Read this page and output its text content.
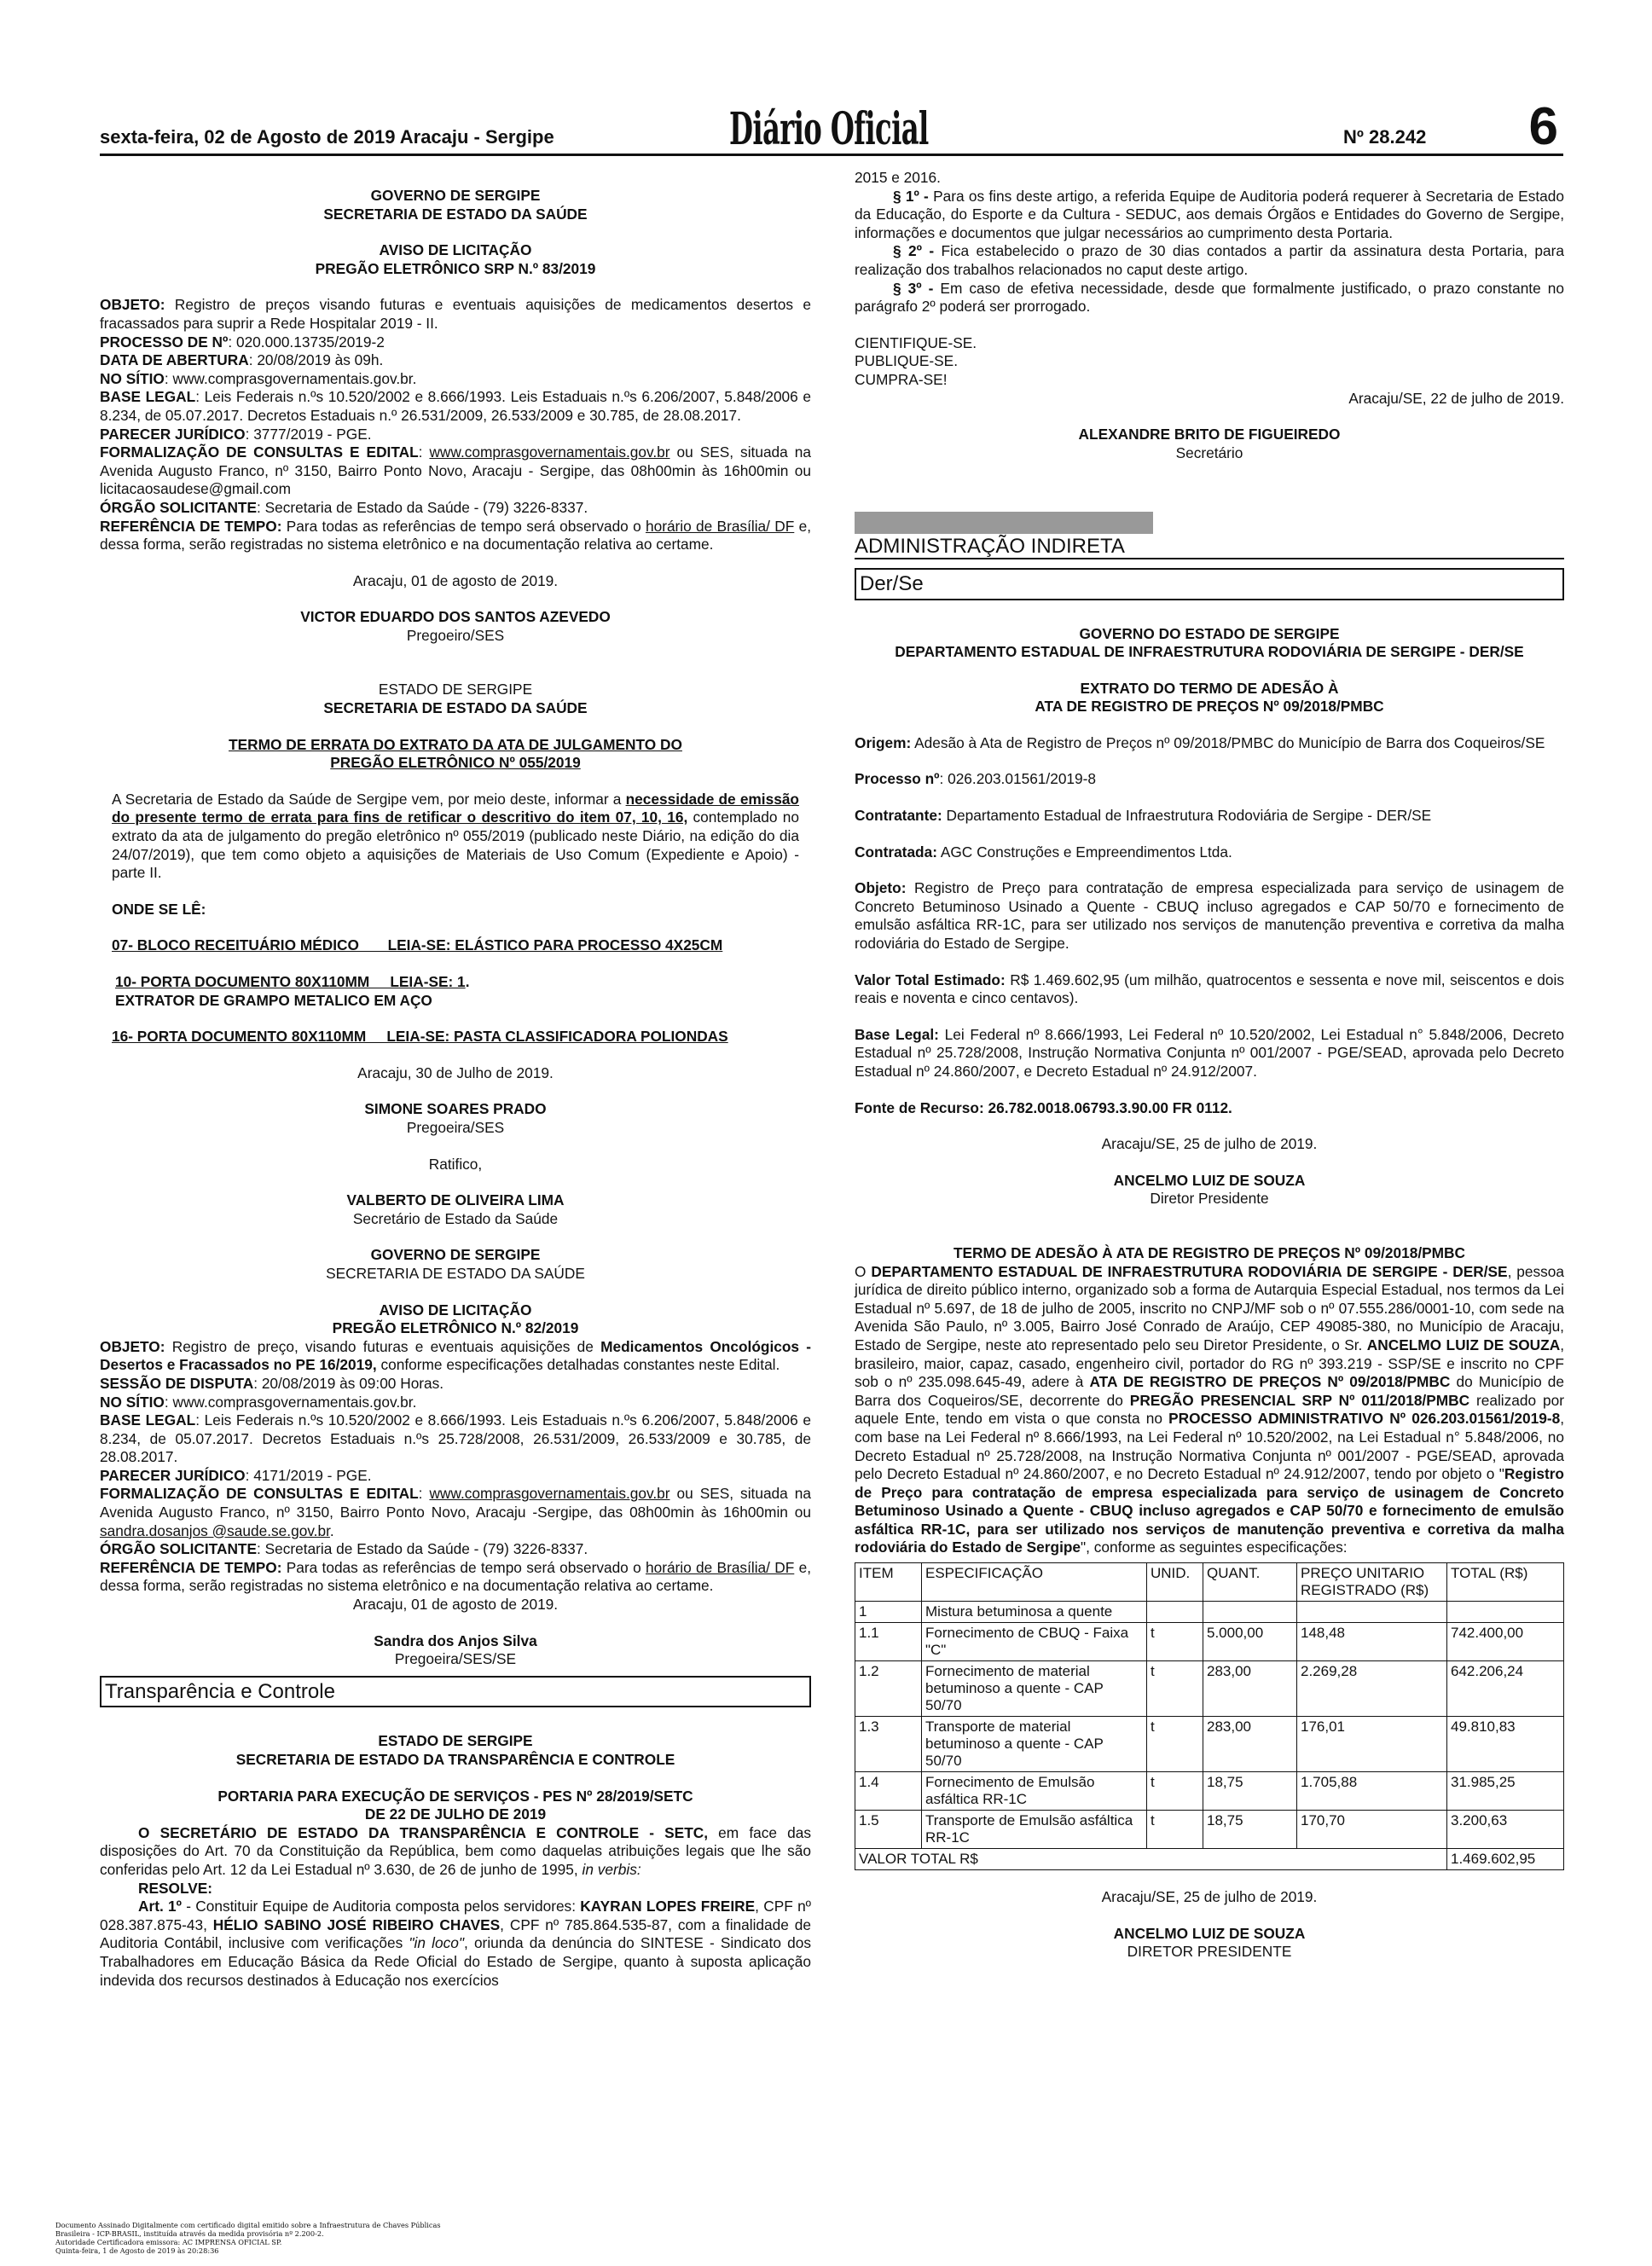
sexta-feira, 02 de Agosto de 2019 Aracaju - Sergipe	Diário Oficial	Nº 28.242 6

GOVERNO DE SERGIPE

SECRETARIA DE ESTADO DA SAÚDE

AVISO DE LICITAÇÃO

PREGÃO ELETRÔNICO SRP N.º 83/2019

OBJETO: Registro de preços visando futuras e eventuais aquisições de medicamentos desertos e fracassados para suprir a Rede Hospitalar 2019 - II.

PROCESSO DE Nº: 020.000.13735/2019-2

DATA DE ABERTURA: 20/08/2019 às 09h.

NO SÍTIO: www.comprasgovernamentais.gov.br.

BASE LEGAL: Leis Federais n.ºs 10.520/2002 e 8.666/1993. Leis Estaduais n.ºs 6.206/2007, 5.848/2006 e 8.234, de 05.07.2017. Decretos Estaduais n.º 26.531/2009, 26.533/2009 e 30.785, de 28.08.2017.

PARECER JURÍDICO: 3777/2019 - PGE.

FORMALIZAÇÃO DE CONSULTAS E EDITAL: www.comprasgovernamentais.gov.br ou SES, situada na Avenida Augusto Franco, nº 3150, Bairro Ponto Novo, Aracaju - Sergipe, das 08h00min às 16h00min ou licitacaosaudese@gmail.com

ÓRGÃO SOLICITANTE: Secretaria de Estado da Saúde - (79) 3226-8337.

REFERÊNCIA DE TEMPO: Para todas as referências de tempo será observado o horário de Brasília/ DF e, dessa forma, serão registradas no sistema eletrônico e na documentação relativa ao certame.

Aracaju, 01 de agosto de 2019.

VICTOR EDUARDO DOS SANTOS AZEVEDO

Pregoeiro/SES

ESTADO DE SERGIPE

SECRETARIA DE ESTADO DA SAÚDE

TERMO DE ERRATA DO EXTRATO DA ATA DE JULGAMENTO DO

PREGÃO ELETRÔNICO Nº 055/2019

A Secretaria de Estado da Saúde de Sergipe vem, por meio deste, informar a necessidade de emissão do presente termo de errata para fins de retificar o descritivo do item 07, 10, 16, contemplado no extrato da ata de julgamento do pregão eletrônico nº 055/2019 (publicado neste Diário, na edição do dia 24/07/2019), que tem como objeto a aquisições de Materiais de Uso Comum (Expediente e Apoio) - parte II.

ONDE SE LÊ:

07- BLOCO RECEITUÁRIO MÉDICO       LEIA-SE: ELÁSTICO PARA PROCESSO 4X25CM

10- PORTA DOCUMENTO 80X110MM     LEIA-SE: 1.

EXTRATOR DE GRAMPO METALICO EM AÇO

16- PORTA DOCUMENTO 80X110MM     LEIA-SE: PASTA CLASSIFICADORA POLIONDAS

Aracaju, 30 de Julho de 2019.

SIMONE SOARES PRADO

Pregoeira/SES

Ratifico,

VALBERTO DE OLIVEIRA LIMA

Secretário de Estado da Saúde

GOVERNO DE SERGIPE

SECRETARIA DE ESTADO DA SAÚDE

AVISO DE LICITAÇÃO

PREGÃO ELETRÔNICO N.º 82/2019

OBJETO: Registro de preço, visando futuras e eventuais aquisições de Medicamentos Oncológicos - Desertos e Fracassados no PE 16/2019, conforme especificações detalhadas constantes neste Edital.

SESSÃO DE DISPUTA: 20/08/2019 às 09:00 Horas.

NO SÍTIO: www.comprasgovernamentais.gov.br.

BASE LEGAL: Leis Federais n.ºs 10.520/2002 e 8.666/1993. Leis Estaduais n.ºs 6.206/2007, 5.848/2006 e 8.234, de 05.07.2017. Decretos Estaduais n.ºs 25.728/2008, 26.531/2009, 26.533/2009 e 30.785, de 28.08.2017.

PARECER JURÍDICO: 4171/2019 - PGE.

FORMALIZAÇÃO DE CONSULTAS E EDITAL: www.comprasgovernamentais.gov.br ou SES, situada na Avenida Augusto Franco, nº 3150, Bairro Ponto Novo, Aracaju -Sergipe, das 08h00min às 16h00min ou sandra.dosanjos @saude.se.gov.br.

ÓRGÃO SOLICITANTE: Secretaria de Estado da Saúde - (79) 3226-8337.

REFERÊNCIA DE TEMPO: Para todas as referências de tempo será observado o horário de Brasília/ DF e, dessa forma, serão registradas no sistema eletrônico e na documentação relativa ao certame.

Aracaju, 01 de agosto de 2019.

Sandra dos Anjos Silva

Pregoeira/SES/SE

Transparência e Controle

ESTADO DE SERGIPE

SECRETARIA DE ESTADO DA TRANSPARÊNCIA E CONTROLE

PORTARIA PARA EXECUÇÃO DE SERVIÇOS - PES Nº 28/2019/SETC

DE 22 DE JULHO DE 2019

O SECRETÁRIO DE ESTADO DA TRANSPARÊNCIA E CONTROLE - SETC, em face das disposições do Art. 70 da Constituição da República, bem como daquelas atribuições legais que lhe são conferidas pelo Art. 12 da Lei Estadual nº 3.630, de 26 de junho de 1995, in verbis:

RESOLVE:

Art. 1º - Constituir Equipe de Auditoria composta pelos servidores: KAYRAN LOPES FREIRE, CPF nº 028.387.875-43, HÉLIO SABINO JOSÉ RIBEIRO CHAVES, CPF nº 785.864.535-87, com a finalidade de Auditoria Contábil, inclusive com verificações "in loco", oriunda da denúncia do SINTESE - Sindicato dos Trabalhadores em Educação Básica da Rede Oficial do Estado de Sergipe, quanto à suposta aplicação indevida dos recursos destinados à Educação nos exercícios

2015 e 2016.

§ 1º - Para os fins deste artigo, a referida Equipe de Auditoria poderá requerer à Secretaria de Estado da Educação, do Esporte e da Cultura - SEDUC, aos demais Órgãos e Entidades do Governo de Sergipe, informações e documentos que julgar necessários ao cumprimento desta Portaria.

§ 2º - Fica estabelecido o prazo de 30 dias contados a partir da assinatura desta Portaria, para realização dos trabalhos relacionados no caput deste artigo.

§ 3º - Em caso de efetiva necessidade, desde que formalmente justificado, o prazo constante no parágrafo 2º poderá ser prorrogado.

CIENTIFIQUE-SE.

PUBLIQUE-SE.

CUMPRA-SE!

Aracaju/SE, 22 de julho de 2019.

ALEXANDRE BRITO DE FIGUEIREDO

Secretário

ADMINISTRAÇÃO INDIRETA
Der/Se

GOVERNO DO ESTADO DE SERGIPE

DEPARTAMENTO ESTADUAL DE INFRAESTRUTURA RODOVIÁRIA DE SERGIPE - DER/SE

EXTRATO DO TERMO DE ADESÃO À

ATA DE REGISTRO DE PREÇOS Nº 09/2018/PMBC

Origem: Adesão à Ata de Registro de Preços nº 09/2018/PMBC do Município de Barra dos Coqueiros/SE

Processo nº: 026.203.01561/2019-8

Contratante: Departamento Estadual de Infraestrutura Rodoviária de Sergipe - DER/SE

Contratada: AGC Construções e Empreendimentos Ltda.

Objeto: Registro de Preço para contratação de empresa especializada para serviço de usinagem de Concreto Betuminoso Usinado a Quente - CBUQ incluso agregados e CAP 50/70 e fornecimento de emulsão asfáltica RR-1C, para ser utilizado nos serviços de manutenção preventiva e corretiva da malha rodoviária do Estado de Sergipe.

Valor Total Estimado: R$ 1.469.602,95 (um milhão, quatrocentos e sessenta e nove mil, seiscentos e dois reais e noventa e cinco centavos).

Base Legal: Lei Federal nº 8.666/1993, Lei Federal nº 10.520/2002, Lei Estadual n° 5.848/2006, Decreto Estadual nº 25.728/2008, Instrução Normativa Conjunta nº 001/2007 - PGE/SEAD, aprovada pelo Decreto Estadual nº 24.860/2007, e Decreto Estadual nº 24.912/2007.

Fonte de Recurso: 26.782.0018.06793.3.90.00 FR 0112.

Aracaju/SE, 25 de julho de 2019.

ANCELMO LUIZ DE SOUZA

Diretor Presidente

TERMO DE ADESÃO À ATA DE REGISTRO DE PREÇOS Nº 09/2018/PMBC

O DEPARTAMENTO ESTADUAL DE INFRAESTRUTURA RODOVIÁRIA DE SERGIPE - DER/SE, pessoa jurídica de direito público interno, organizado sob a forma de Autarquia Especial Estadual, nos termos da Lei Estadual nº 5.697, de 18 de julho de 2005, inscrito no CNPJ/MF sob o nº 07.555.286/0001-10, com sede na Avenida São Paulo, nº 3.005, Bairro José Conrado de Araújo, CEP 49085-380, no Município de Aracaju, Estado de Sergipe, neste ato representado pelo seu Diretor Presidente, o Sr. ANCELMO LUIZ DE SOUZA, brasileiro, maior, capaz, casado, engenheiro civil, portador do RG nº 393.219 - SSP/SE e inscrito no CPF sob o nº 235.098.645-49, adere à ATA DE REGISTRO DE PREÇOS Nº 09/2018/PMBC do Município de Barra dos Coqueiros/SE, decorrente do PREGÃO PRESENCIAL SRP Nº 011/2018/PMBC realizado por aquele Ente, tendo em vista o que consta no PROCESSO ADMINISTRATIVO Nº 026.203.01561/2019-8, com base na Lei Federal nº 8.666/1993, na Lei Federal nº 10.520/2002, na Lei Estadual n° 5.848/2006, no Decreto Estadual nº 25.728/2008, na Instrução Normativa Conjunta nº 001/2007 - PGE/SEAD, aprovada pelo Decreto Estadual nº 24.860/2007, e no Decreto Estadual nº 24.912/2007, tendo por objeto o "Registro de Preço para contratação de empresa especializada para serviço de usinagem de Concreto Betuminoso Usinado a Quente - CBUQ incluso agregados e CAP 50/70 e fornecimento de emulsão asfáltica RR-1C, para ser utilizado nos serviços de manutenção preventiva e corretiva da malha rodoviária do Estado de Sergipe", conforme as seguintes especificações:

ITEM	ESPECIFICAÇÃO	UNID.	QUANT.	PREÇO UNITARIO REGISTRADO (R$)	TOTAL (R$)
1	Mistura betuminosa a quente				
1.1	Fornecimento de CBUQ - Faixa "C"	t	5.000,00	148,48	742.400,00
1.2	Fornecimento de material betuminoso a quente - CAP 50/70	t	283,00	2.269,28	642.206,24
1.3	Transporte de material betuminoso a quente - CAP 50/70	t	283,00	176,01	49.810,83
1.4	Fornecimento de Emulsão asfáltica RR-1C	t	18,75	1.705,88	31.985,25
1.5	Transporte de Emulsão asfáltica RR-1C	t	18,75	170,70	3.200,63
VALOR TOTAL R$					1.469.602,95

Aracaju/SE, 25 de julho de 2019.

ANCELMO LUIZ DE SOUZA

DIRETOR PRESIDENTE

Documento Assinado Digitalmente com certificado digital emitido sobre a Infraestrutura de Chaves Públicas
Brasileira - ICP-BRASIL, instituída através da medida provisória nº 2.200-2.
Autoridade Certificadora emissora: AC IMPRENSA OFICIAL SP.
Quinta-feira, 1 de Agosto de 2019 às 20:28:36
